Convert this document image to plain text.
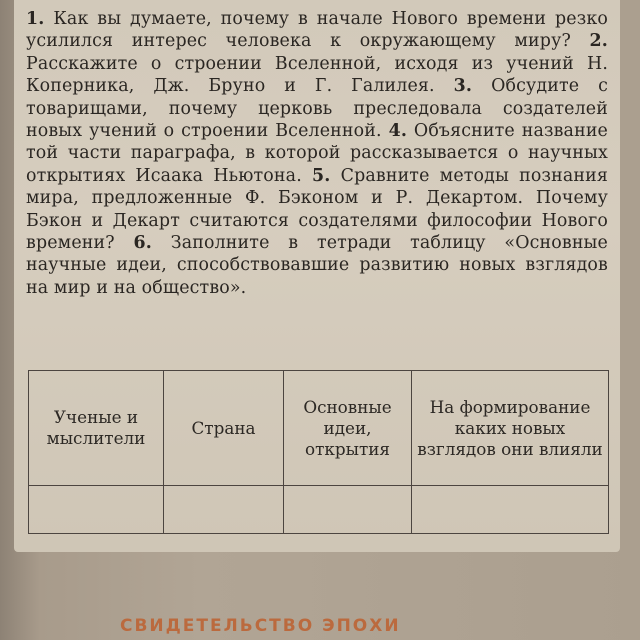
1. Как вы думаете, почему в начале Нового времени резко усилился интерес человека к окружающему миру? 2. Расскажите о строении Вселенной, исходя из учений Н. Коперника, Дж. Бруно и Г. Галилея. 3. Обсудите с товарищами, почему церковь преследовала создателей новых учений о строении Вселенной. 4. Объясните название той части параграфа, в которой рассказывается о научных открытиях Исаака Ньютона. 5. Сравните методы познания мира, предложенные Ф. Бэконом и Р. Декартом. Почему Бэкон и Декарт считаются создателями философии Нового времени? 6. Заполните в тетради таблицу «Основные научные идеи, способствовавшие развитию новых взглядов на мир и на общество».
Ученые и мыслители	Страна	Основные идеи, открытия	На формирование каких новых взглядов они влияли

СВИДЕТЕЛЬСТВО ЭПОХИ
